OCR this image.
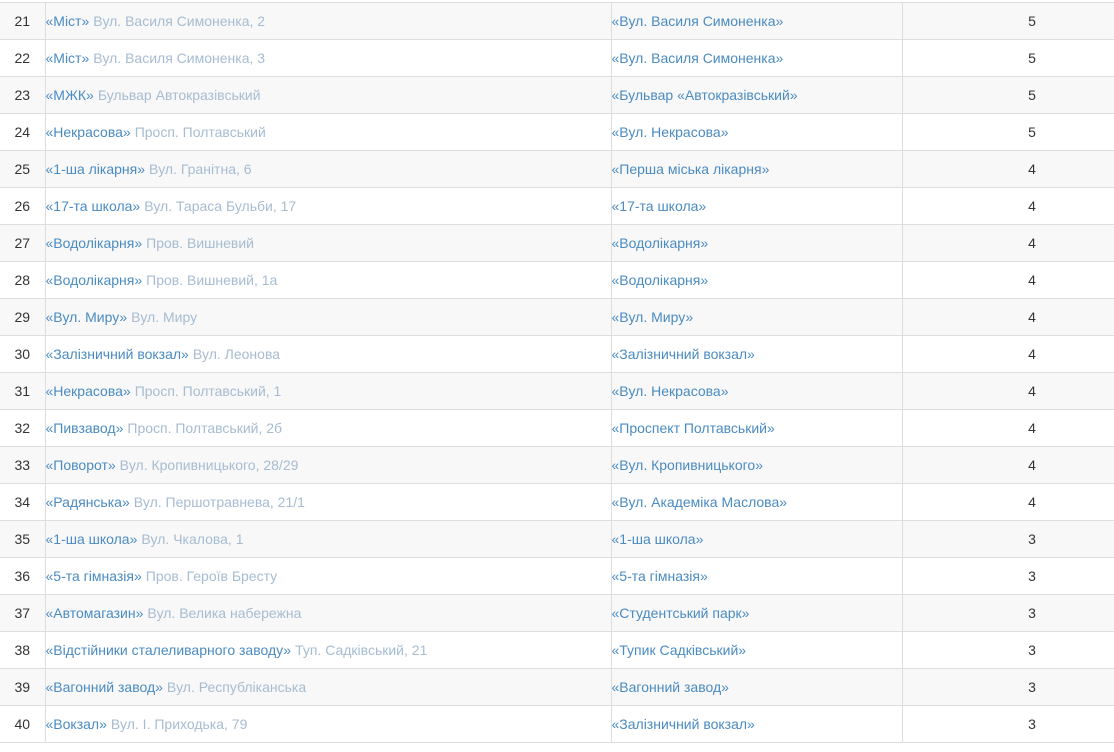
21	«Міст» Вул. Василя Симоненка, 2	«Вул. Василя Симоненка»	5
22	«Міст» Вул. Василя Симоненка, 3	«Вул. Василя Симоненка»	5
23	«МЖК» Бульвар Автокразівський	«Бульвар «Автокразівський»	5
24	«Некрасова» Просп. Полтавський	«Вул. Некрасова»	5
25	«1-ша лікарня» Вул. Гранітна, 6	«Перша міська лікарня»	4
26	«17-та школа» Вул. Тараса Бульби, 17	«17-та школа»	4
27	«Водолікарня» Пров. Вишневий	«Водолікарня»	4
28	«Водолікарня» Пров. Вишневий, 1а	«Водолікарня»	4
29	«Вул. Миру» Вул. Миру	«Вул. Миру»	4
30	«Залізничний вокзал» Вул. Леонова	«Залізничний вокзал»	4
31	«Некрасова» Просп. Полтавський, 1	«Вул. Некрасова»	4
32	«Пивзавод» Просп. Полтавський, 2б	«Проспект Полтавський»	4
33	«Поворот» Вул. Кропивницького, 28/29	«Вул. Кропивницького»	4
34	«Радянська» Вул. Першотравнева, 21/1	«Вул. Академіка Маслова»	4
35	«1-ша школа» Вул. Чкалова, 1	«1-ша школа»	3
36	«5-та гімназія» Пров. Героїв Бресту	«5-та гімназія»	3
37	«Автомагазин» Вул. Велика набережна	«Студентський парк»	3
38	«Відстійники сталеливарного заводу» Туп. Садківський, 21	«Тупик Садківський»	3
39	«Вагонний завод» Вул. Республіканська	«Вагонний завод»	3
40	«Вокзал» Вул. І. Приходька, 79	«Залізничний вокзал»	3
